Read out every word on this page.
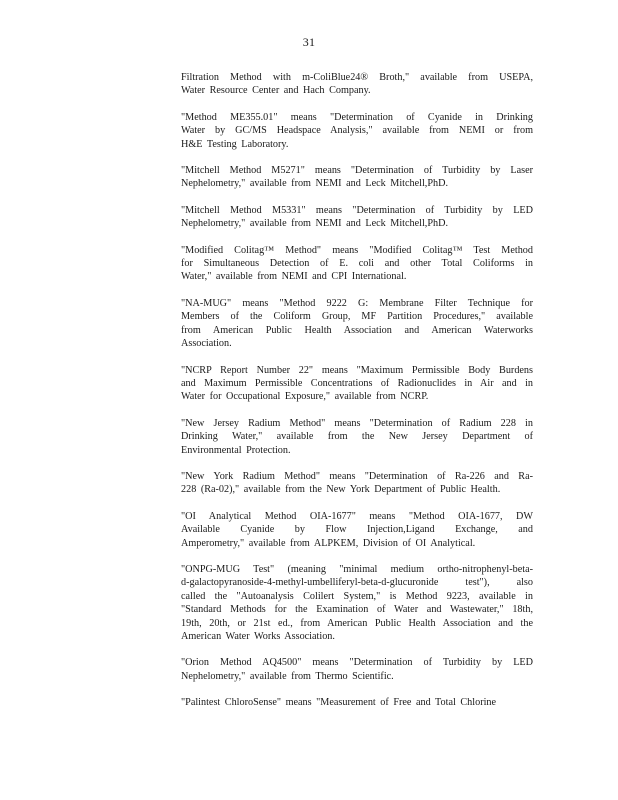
31
Filtration Method with m-ColiBlue24® Broth," available from USEPA,
Water Resource Center and Hach Company.
"Method ME355.01" means "Determination of Cyanide in Drinking
Water by GC/MS Headspace Analysis," available from NEMI or from
H&E Testing Laboratory.
"Mitchell Method M5271" means "Determination of Turbidity by Laser
Nephelometry," available from NEMI and Leck Mitchell,PhD.
"Mitchell Method M5331" means "Determination of Turbidity by LED
Nephelometry," available from NEMI and Leck Mitchell,PhD.
"Modified Colitag™ Method" means "Modified Colitag™ Test Method
for Simultaneous Detection of E. coli and other Total Coliforms in
Water," available from NEMI and CPI International.
"NA-MUG" means "Method 9222 G: Membrane Filter Technique for
Members of the Coliform Group, MF Partition Procedures," available
from American Public Health Association and American Waterworks
Association.
"NCRP Report Number 22" means "Maximum Permissible Body Burdens
and Maximum Permissible Concentrations of Radionuclides in Air and in
Water for Occupational Exposure," available from NCRP.
"New Jersey Radium Method" means "Determination of Radium 228 in
Drinking Water," available from the New Jersey Department of
Environmental Protection.
"New York Radium Method" means "Determination of Ra-226 and Ra-
228 (Ra-02)," available from the New York Department of Public Health.
"OI Analytical Method OIA-1677" means "Method OIA-1677, DW
Available Cyanide by Flow Injection,Ligand Exchange, and
Amperometry," available from ALPKEM, Division of OI Analytical.
"ONPG-MUG Test" (meaning "minimal medium ortho-nitrophenyl-beta-
d-galactopyranoside-4-methyl-umbelliferyl-beta-d-glucuronide test"), also
called the "Autoanalysis Colilert System," is Method 9223, available in
"Standard Methods for the Examination of Water and Wastewater," 18th,
19th, 20th, or 21st ed., from American Public Health Association and the
American Water Works Association.
"Orion Method AQ4500" means "Determination of Turbidity by LED
Nephelometry," available from Thermo Scientific.
"Palintest ChloroSense" means "Measurement of Free and Total Chlorine
